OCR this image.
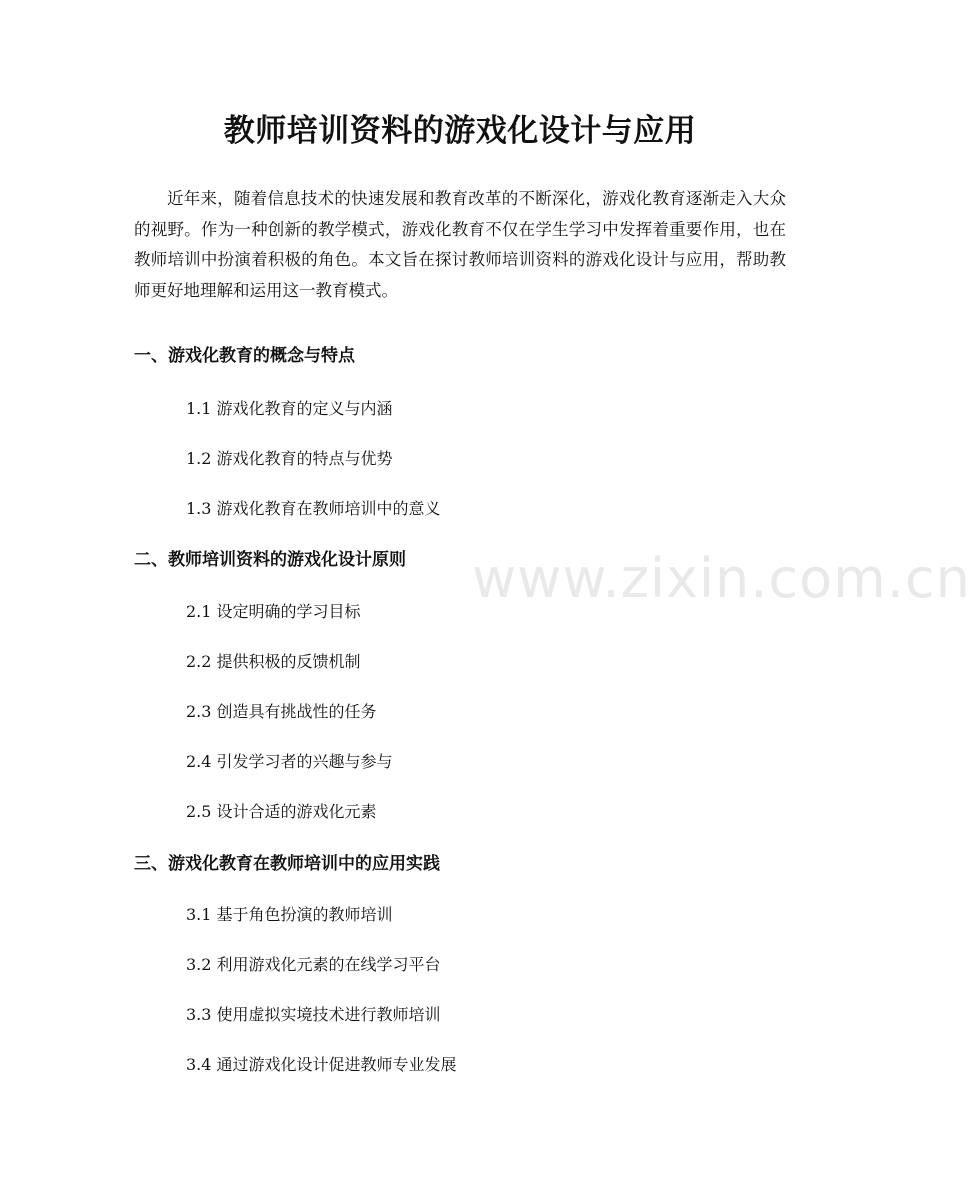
教师培训资料的游戏化设计与应用

近年来，随着信息技术的快速发展和教育改革的不断深化，游戏化教育逐渐走入大众的视野。作为一种创新的教学模式，游戏化教育不仅在学生学习中发挥着重要作用，也在教师培训中扮演着积极的角色。本文旨在探讨教师培训资料的游戏化设计与应用，帮助教师更好地理解和运用这一教育模式。

一、游戏化教育的概念与特点
1.1 游戏化教育的定义与内涵
1.2 游戏化教育的特点与优势
1.3 游戏化教育在教师培训中的意义
二、教师培训资料的游戏化设计原则
2.1 设定明确的学习目标
2.2 提供积极的反馈机制
2.3 创造具有挑战性的任务
2.4 引发学习者的兴趣与参与
2.5 设计合适的游戏化元素
三、游戏化教育在教师培训中的应用实践
3.1 基于角色扮演的教师培训
3.2 利用游戏化元素的在线学习平台
3.3 使用虚拟实境技术进行教师培训
3.4 通过游戏化设计促进教师专业发展
www.zixin.com.cn
